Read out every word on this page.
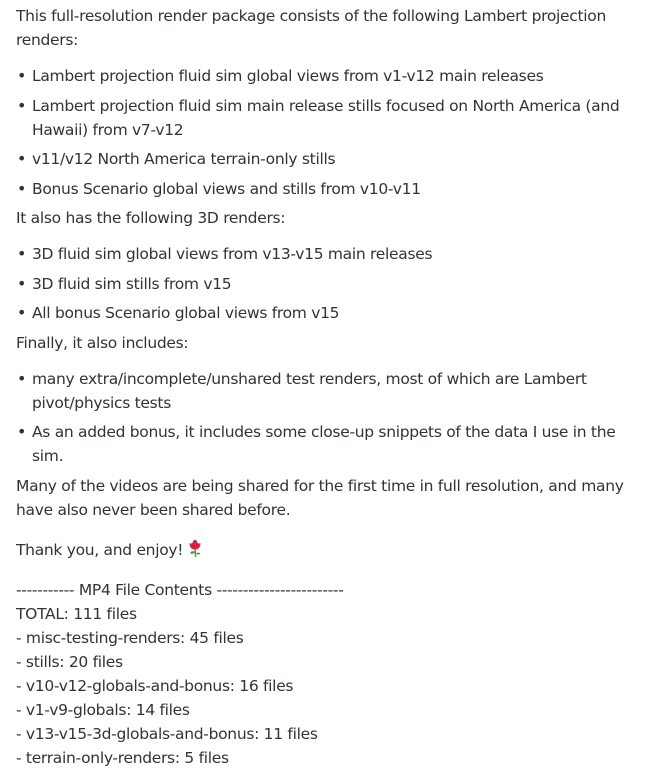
This full-resolution render package consists of the following Lambert projection renders:

• Lambert projection fluid sim global views from v1-v12 main releases
• Lambert projection fluid sim main release stills focused on North America (and Hawaii) from v7-v12
• v11/v12 North America terrain-only stills
• Bonus Scenario global views and stills from v10-v11

It also has the following 3D renders:

• 3D fluid sim global views from v13-v15 main releases
• 3D fluid sim stills from v15
• All bonus Scenario global views from v15

Finally, it also includes:

• many extra/incomplete/unshared test renders, most of which are Lambert pivot/physics tests
• As an added bonus, it includes some close-up snippets of the data I use in the sim.

Many of the videos are being shared for the first time in full resolution, and many have also never been shared before.

Thank you, and enjoy!

----------- MP4 File Contents ------------------------
TOTAL: 111 files
- misc-testing-renders: 45 files
- stills: 20 files
- v10-v12-globals-and-bonus: 16 files
- v1-v9-globals: 14 files
- v13-v15-3d-globals-and-bonus: 11 files
- terrain-only-renders: 5 files
